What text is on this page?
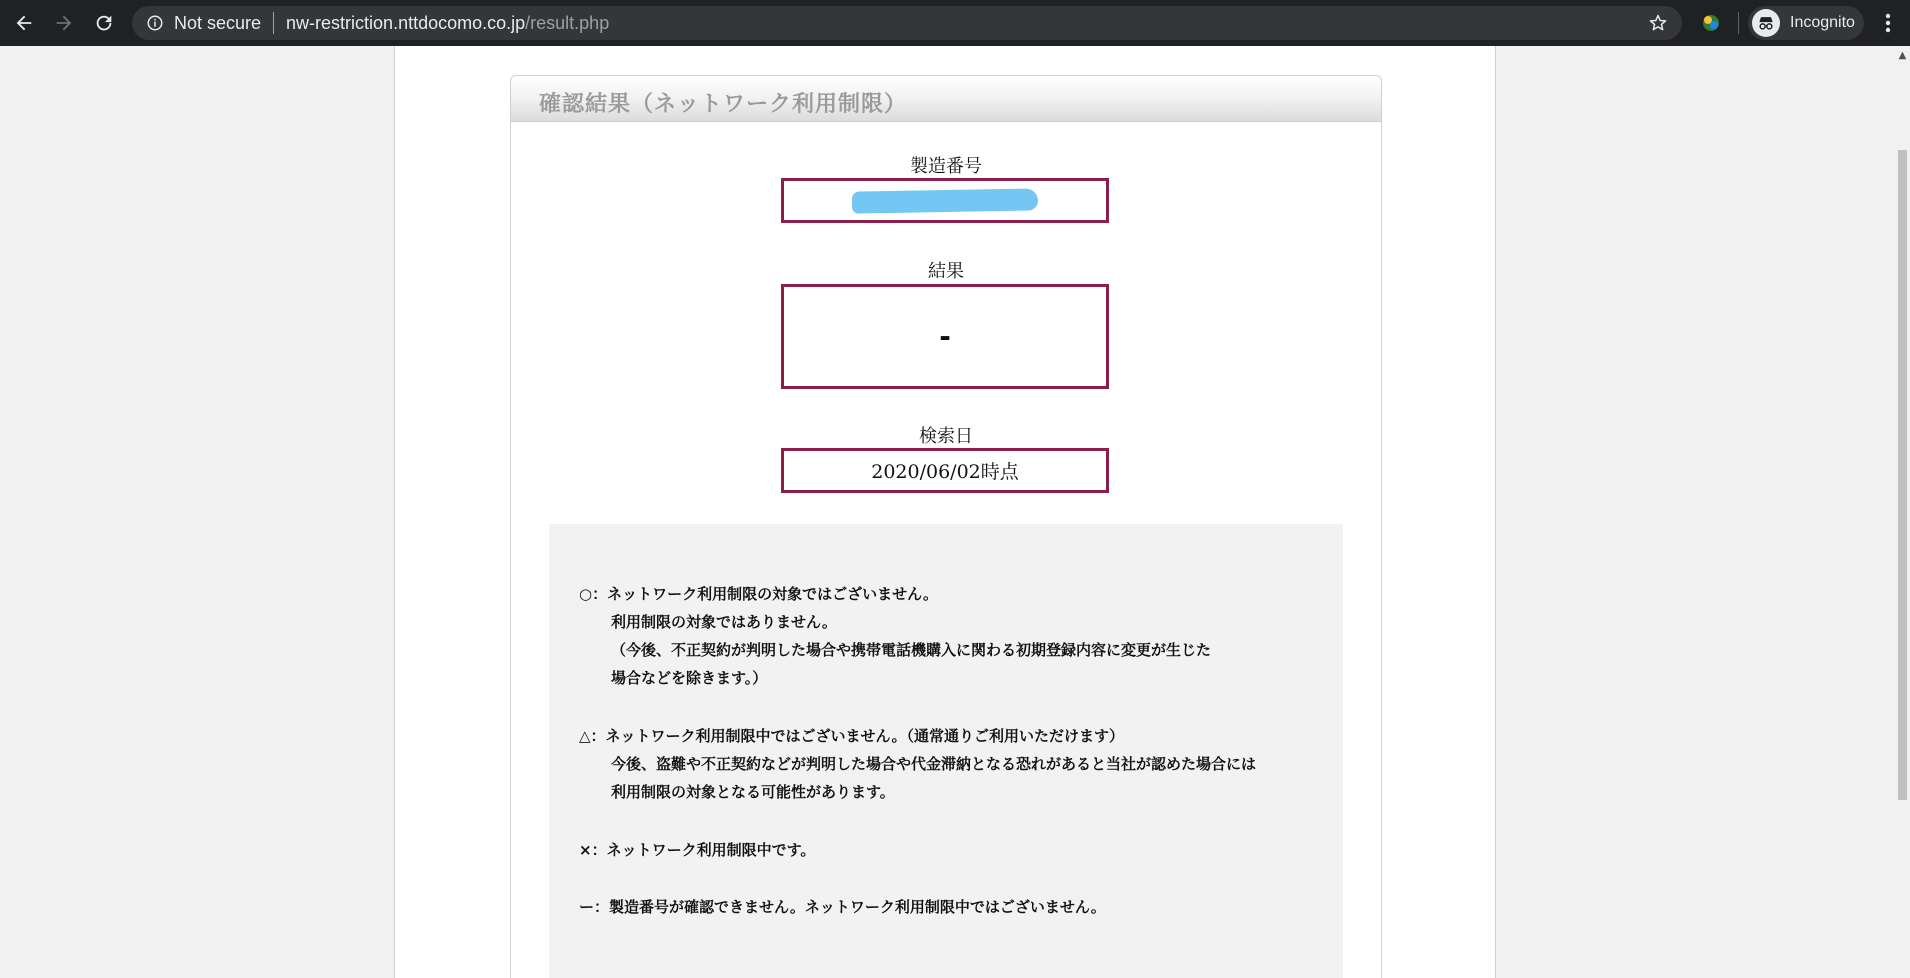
Not secure nw-restriction.nttdocomo.co.jp /result.php	Incognito
確認結果（ネットワーク利用制限）
製造番号
結果
-
検索日
2020/06/02時点
○：ネットワーク利用制限の対象ではございません。
利用制限の対象ではありません。
（今後、不正契約が判明した場合や携帯電話機購入に関わる初期登録内容に変更が生じた
場合などを除きます。）
△：ネットワーク利用制限中ではございません。（通常通りご利用いただけます）
今後、盗難や不正契約などが判明した場合や代金滞納となる恐れがあると当社が認めた場合には
利用制限の対象となる可能性があります。
×：ネットワーク利用制限中です。
ー：製造番号が確認できません。ネットワーク利用制限中ではございません。
▲
